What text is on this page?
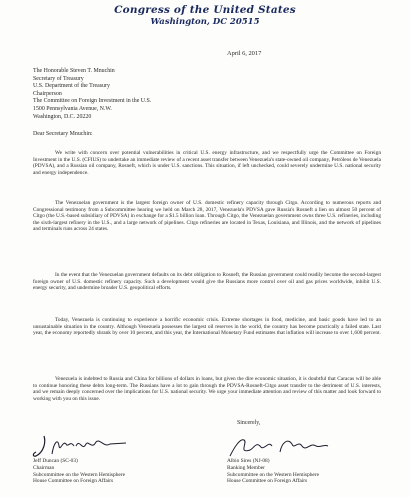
Congress of the United States
Washington, DC 20515
April 6, 2017
The Honorable Steven T. Mnuchin
Secretary of Treasury
U.S. Department of the Treasury
Chairperson
The Committee on Foreign Investment in the U.S.
1500 Pennsylvania Avenue, N.W.
Washington, D.C. 20220
Dear Secretary Mnuchin:

We write with concern over potential vulnerabilities in critical U.S. energy infrastructure, and we respectfully urge the Committee on Foreign Investment in the U.S. (CFIUS) to undertake an immediate review of a recent asset transfer between Venezuela's state-owned oil company, Petróleos de Venezuela (PDVSA), and a Russian oil company, Rosneft, which is under U.S. sanctions. This situation, if left unchecked, could severely undermine U.S. national security and energy independence.

The Venezuelan government is the largest foreign owner of U.S. domestic refinery capacity through Citgo. According to numerous reports and Congressional testimony from a Subcommittee hearing we held on March 28, 2017, Venezuela's PDVSA gave Russia's Rosneft a lien on almost 50 percent of Citgo (the U.S.-based subsidiary of PDVSA) in exchange for a $1.5 billion loan. Through Citgo, the Venezuelan government owns three U.S. refineries, including the sixth-largest refinery in the U.S., and a large network of pipelines. Citgo refineries are located in Texas, Louisiana, and Illinois, and the network of pipelines and terminals runs across 24 states.

In the event that the Venezuelan government defaults on its debt obligation to Rosneft, the Russian government could readily become the second-largest foreign owner of U.S. domestic refinery capacity. Such a development would give the Russians more control over oil and gas prices worldwide, inhibit U.S. energy security, and undermine broader U.S. geopolitical efforts.

Today, Venezuela is continuing to experience a horrific economic crisis. Extreme shortages in food, medicine, and basic goods have led to an unsustainable situation in the country. Although Venezuela possesses the largest oil reserves in the world, the country has become practically a failed state. Last year, the economy reportedly shrank by over 10 percent, and this year, the International Monetary Fund estimates that inflation will increase to over 1,600 percent.

Venezuela is indebted to Russia and China for billions of dollars in loans, but given the dire economic situation, it is doubtful that Caracas will be able to continue honoring these debts long-term. The Russians have a lot to gain through the PDVSA-Rosneft-Citgo asset transfer to the detriment of U.S. interests, and we remain deeply concerned over the implications for U.S. national security. We urge your immediate attention and review of this matter and look forward to working with you on this issue.

Sincerely,
Jeff Duncan (SC-03)
Chairman
Subcommittee on the Western Hemisphere
House Committee on Foreign Affairs
Albio Sires (NJ-08)
Ranking Member
Subcommittee on the Western Hemisphere
House Committee on Foreign Affairs
